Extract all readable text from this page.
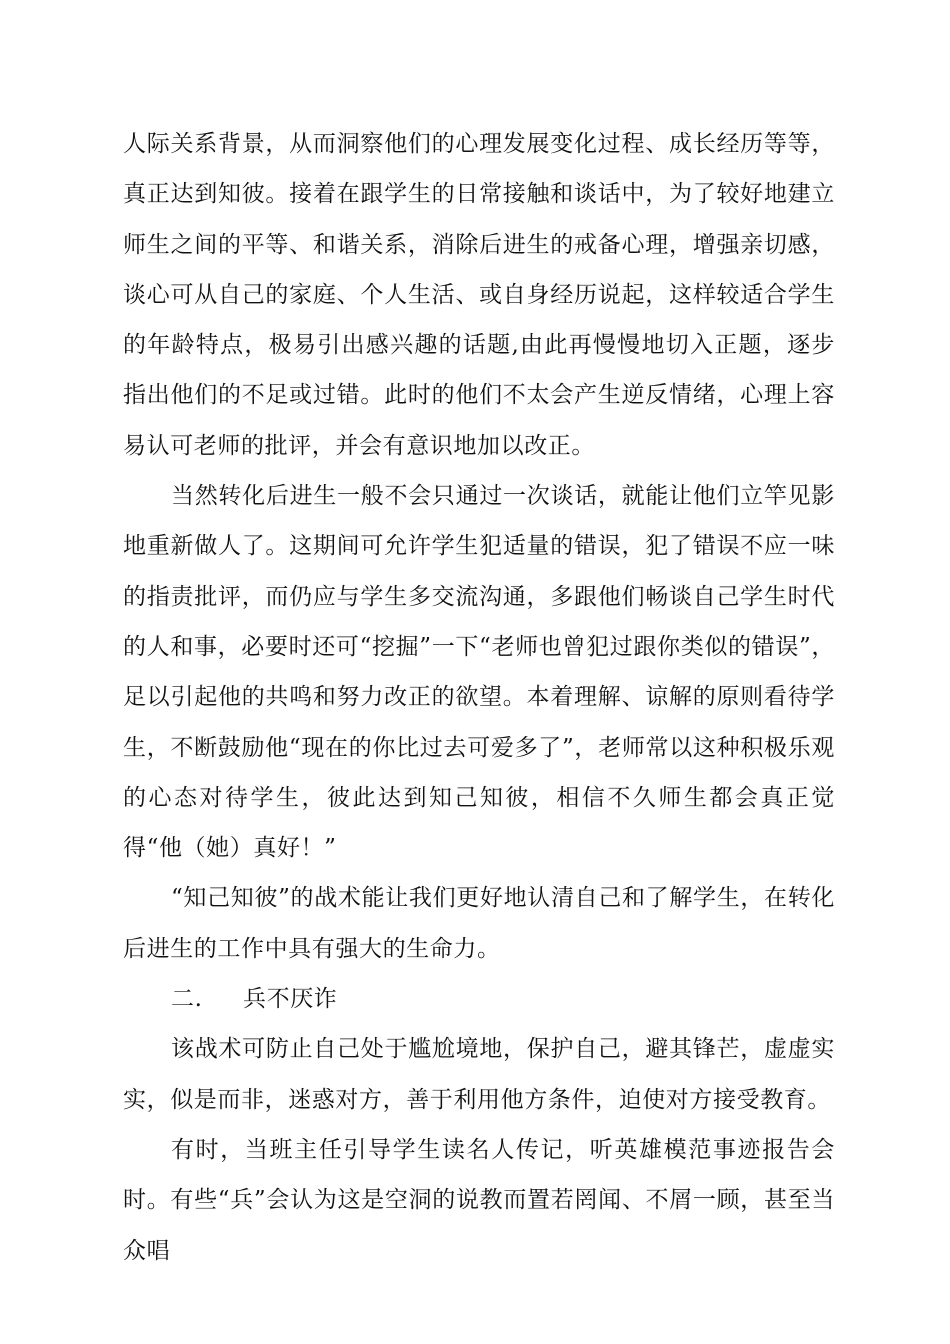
人际关系背景，从而洞察他们的心理发展变化过程、成长经历等等，真正达到知彼。接着在跟学生的日常接触和谈话中，为了较好地建立师生之间的平等、和谐关系，消除后进生的戒备心理，增强亲切感，谈心可从自己的家庭、个人生活、或自身经历说起，这样较适合学生的年龄特点，极易引出感兴趣的话题,由此再慢慢地切入正题，逐步指出他们的不足或过错。此时的他们不太会产生逆反情绪，心理上容易认可老师的批评，并会有意识地加以改正。

当然转化后进生一般不会只通过一次谈话，就能让他们立竿见影地重新做人了。这期间可允许学生犯适量的错误，犯了错误不应一味的指责批评，而仍应与学生多交流沟通，多跟他们畅谈自己学生时代的人和事，必要时还可“挖掘”一下“老师也曾犯过跟你类似的错误”，足以引起他的共鸣和努力改正的欲望。本着理解、谅解的原则看待学生，不断鼓励他“现在的你比过去可爱多了”，老师常以这种积极乐观的心态对待学生，彼此达到知己知彼，相信不久师生都会真正觉得“他（她）真好！”

“知己知彼”的战术能让我们更好地认清自己和了解学生，在转化后进生的工作中具有强大的生命力。

二. 兵不厌诈

该战术可防止自己处于尴尬境地，保护自己，避其锋芒，虚虚实实，似是而非，迷惑对方，善于利用他方条件，迫使对方接受教育。

有时，当班主任引导学生读名人传记，听英雄模范事迹报告会时。有些“兵”会认为这是空洞的说教而置若罔闻、不屑一顾，甚至当众唱
